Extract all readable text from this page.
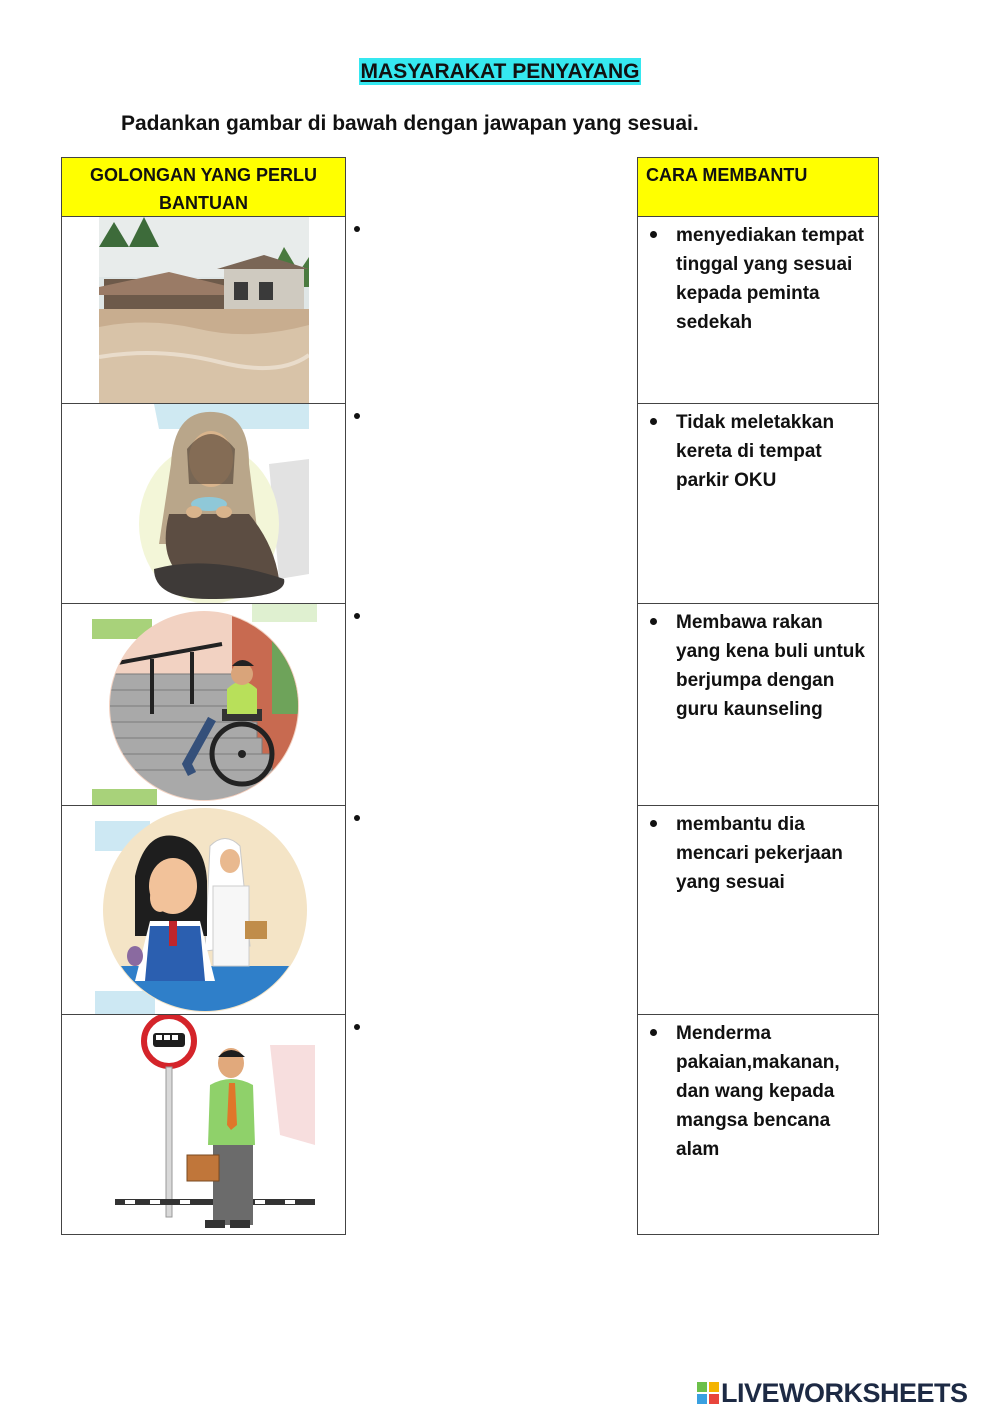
MASYARAKAT PENYAYANG
Padankan gambar di bawah dengan jawapan yang sesuai.
GOLONGAN YANG PERLU BANTUAN
CARA MEMBANTU
menyediakan tempat tinggal yang sesuai kepada peminta sedekah
Tidak meletakkan kereta di tempat parkir OKU
Membawa rakan yang kena buli untuk berjumpa dengan guru kaunseling
membantu dia mencari pekerjaan yang sesuai
Menderma pakaian,makanan, dan wang kepada mangsa bencana alam
LIVEWORKSHEETS
